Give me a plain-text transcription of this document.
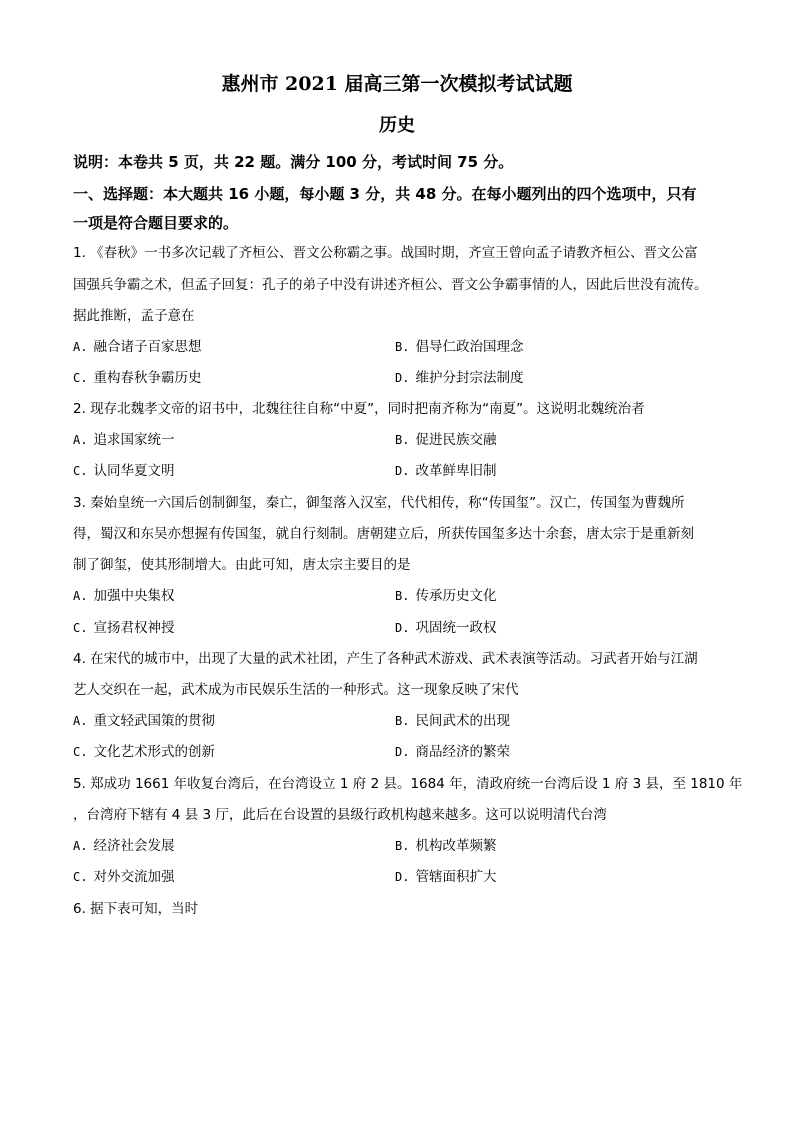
惠州市 2021 届高三第一次模拟考试试题
历史
说明：本卷共 5 页，共 22 题。满分 100 分，考试时间 75 分。
一、选择题：本大题共 16 小题，每小题 3 分，共 48 分。在每小题列出的四个选项中，只有
一项是符合题目要求的。
1. 《春秋》一书多次记载了齐桓公、晋文公称霸之事。战国时期，齐宣王曾向孟子请教齐桓公、晋文公富
国强兵争霸之术，但孟子回复：孔子的弟子中没有讲述齐桓公、晋文公争霸事情的人，因此后世没有流传。
据此推断，孟子意在
A. 融合诸子百家思想	B. 倡导仁政治国理念
C. 重构春秋争霸历史	D. 维护分封宗法制度
2. 现存北魏孝文帝的诏书中，北魏往往自称“中夏”，同时把南齐称为“南夏”。这说明北魏统治者
A. 追求国家统一	B. 促进民族交融
C. 认同华夏文明	D. 改革鲜卑旧制
3. 秦始皇统一六国后创制御玺，秦亡，御玺落入汉室，代代相传，称“传国玺”。汉亡，传国玺为曹魏所
得，蜀汉和东吴亦想握有传国玺，就自行刻制。唐朝建立后，所获传国玺多达十余套，唐太宗于是重新刻
制了御玺，使其形制增大。由此可知，唐太宗主要目的是
A. 加强中央集权	B. 传承历史文化
C. 宣扬君权神授	D. 巩固统一政权
4. 在宋代的城市中，出现了大量的武术社团，产生了各种武术游戏、武术表演等活动。习武者开始与江湖
艺人交织在一起，武术成为市民娱乐生活的一种形式。这一现象反映了宋代
A. 重文轻武国策的贯彻	B. 民间武术的出现
C. 文化艺术形式的创新	D. 商品经济的繁荣
5. 郑成功 1661 年收复台湾后，在台湾设立 1 府 2 县。1684 年，清政府统一台湾后设 1 府 3 县，至 1810 年
，台湾府下辖有 4 县 3 厅，此后在台设置的县级行政机构越来越多。这可以说明清代台湾
A. 经济社会发展	B. 机构改革频繁
C. 对外交流加强	D. 管辖面积扩大
6. 据下表可知，当时
